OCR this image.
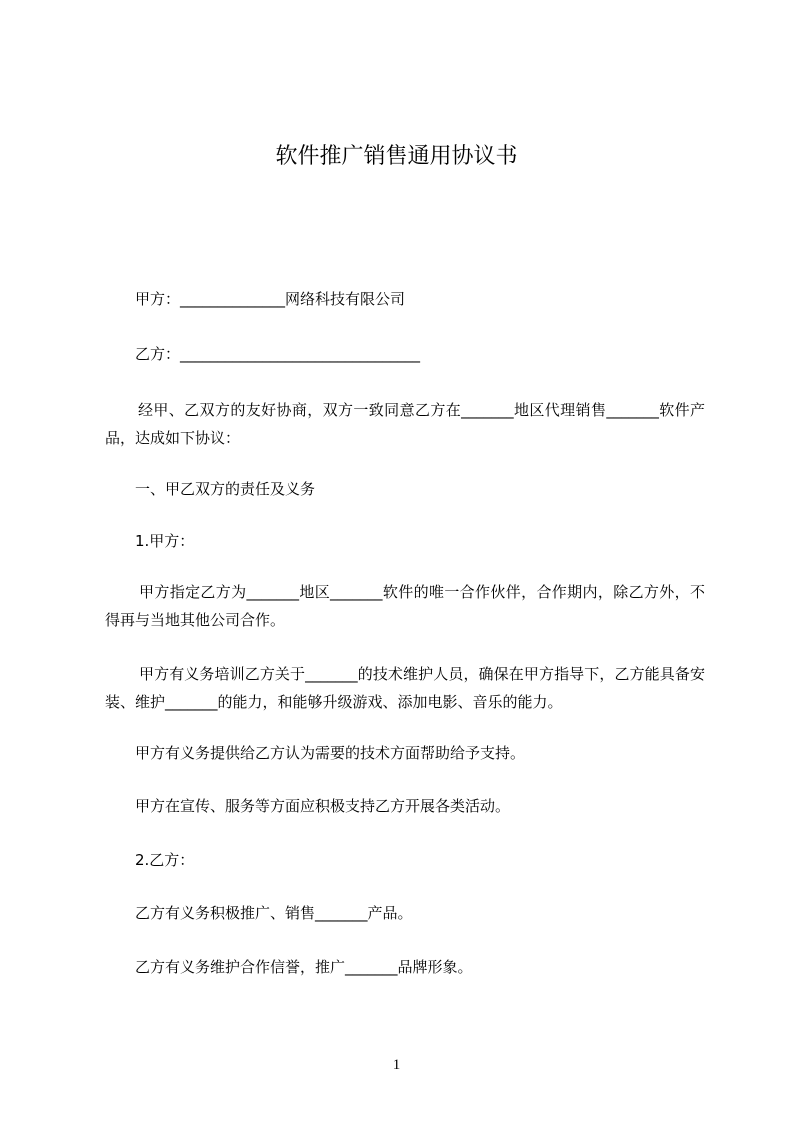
软件推广销售通用协议书
甲方：______________网络科技有限公司
乙方：________________________________
经甲、乙双方的友好协商，双方一致同意乙方在_______地区代理销售_______软件产品，达成如下协议：
一、甲乙双方的责任及义务
1.甲方：
甲方指定乙方为_______地区_______软件的唯一合作伙伴，合作期内，除乙方外，不得再与当地其他公司合作。
甲方有义务培训乙方关于_______的技术维护人员，确保在甲方指导下，乙方能具备安装、维护_______的能力，和能够升级游戏、添加电影、音乐的能力。
甲方有义务提供给乙方认为需要的技术方面帮助给予支持。
甲方在宣传、服务等方面应积极支持乙方开展各类活动。
2.乙方：
乙方有义务积极推广、销售_______产品。
乙方有义务维护合作信誉，推广_______品牌形象。
1
